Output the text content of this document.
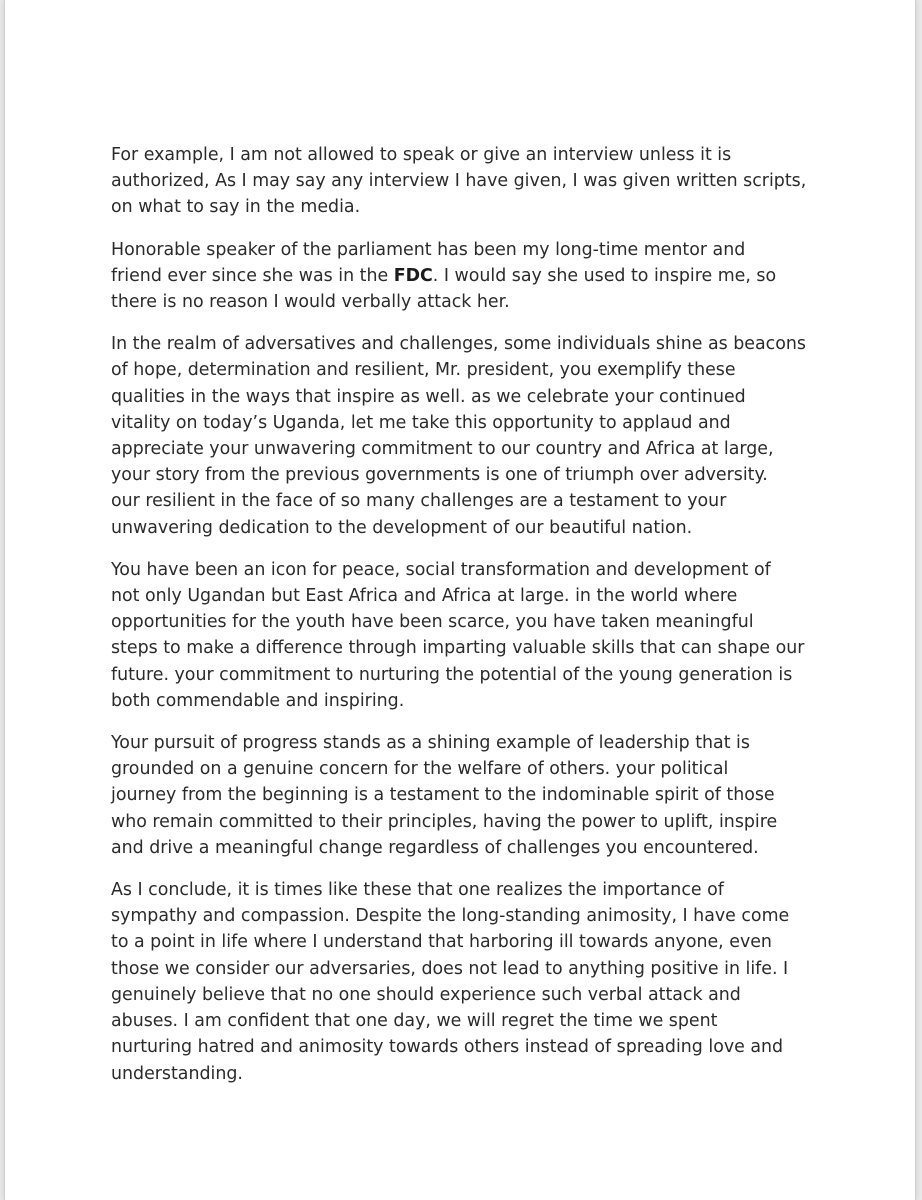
For example, I am not allowed to speak or give an interview unless it is
authorized, As I may say any interview I have given, I was given written scripts,
on what to say in the media.

Honorable speaker of the parliament has been my long-time mentor and
friend ever since she was in the FDC. I would say she used to inspire me, so
there is no reason I would verbally attack her.

In the realm of adversatives and challenges, some individuals shine as beacons
of hope, determination and resilient, Mr. president, you exemplify these
qualities in the ways that inspire as well. as we celebrate your continued
vitality on today’s Uganda, let me take this opportunity to applaud and
appreciate your unwavering commitment to our country and Africa at large,
your story from the previous governments is one of triumph over adversity.
our resilient in the face of so many challenges are a testament to your
unwavering dedication to the development of our beautiful nation.

You have been an icon for peace, social transformation and development of
not only Ugandan but East Africa and Africa at large. in the world where
opportunities for the youth have been scarce, you have taken meaningful
steps to make a difference through imparting valuable skills that can shape our
future. your commitment to nurturing the potential of the young generation is
both commendable and inspiring.

Your pursuit of progress stands as a shining example of leadership that is
grounded on a genuine concern for the welfare of others. your political
journey from the beginning is a testament to the indominable spirit of those
who remain committed to their principles, having the power to uplift, inspire
and drive a meaningful change regardless of challenges you encountered.

As I conclude, it is times like these that one realizes the importance of
sympathy and compassion. Despite the long-standing animosity, I have come
to a point in life where I understand that harboring ill towards anyone, even
those we consider our adversaries, does not lead to anything positive in life. I
genuinely believe that no one should experience such verbal attack and
abuses. I am confident that one day, we will regret the time we spent
nurturing hatred and animosity towards others instead of spreading love and
understanding.
